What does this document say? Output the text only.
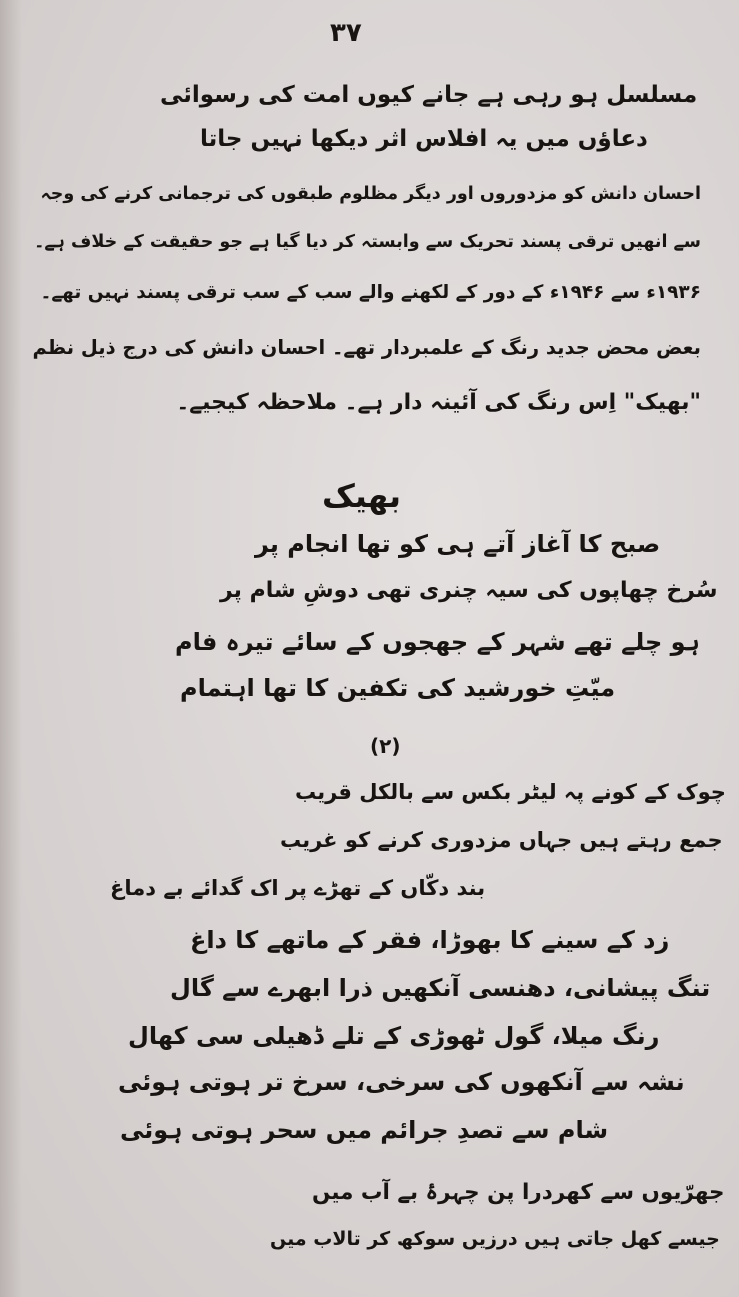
۳۷
مسلسل ہو رہی ہے جانے کیوں امت کی رسوائی
دعاؤں میں یہ افلاس اثر دیکھا نہیں جاتا
احسان دانش کو مزدوروں اور دیگر مظلوم طبقوں کی ترجمانی کرنے کی وجہ
سے انھیں ترقی پسند تحریک سے وابستہ کر دیا گیا ہے جو حقیقت کے خلاف ہے۔
۱۹۳۶ء سے ۱۹۴۶ء کے دور کے لکھنے والے سب کے سب ترقی پسند نہیں تھے۔
بعض محض جدید رنگ کے علمبردار تھے۔ احسان دانش کی درج ذیل نظم
"بھیک" اِس رنگ کی آئینہ دار ہے۔ ملاحظہ کیجیے۔
بھیک
صبح کا آغاز آتے ہی کو تھا انجام پر
سُرخ چھاپوں کی سیہ چنری تھی دوشِ شام پر
ہو چلے تھے شہر کے جھجوں کے سائے تیرہ فام
میّتِ خورشید کی تکفین کا تھا اہتمام
(۲)
چوک کے کونے پہ لیٹر بکس سے بالکل قریب
جمع رہتے ہیں جہاں مزدوری کرنے کو غریب
بند دکّاں کے تھڑے پر اک گدائے بے دماغ
زد کے سینے کا بھوڑا، فقر کے ماتھے کا داغ
تنگ پیشانی، دھنسی آنکھیں ذرا ابھرے سے گال
رنگ میلا، گول ٹھوڑی کے تلے ڈھیلی سی کھال
نشہ سے آنکھوں کی سرخی، سرخ تر ہوتی ہوئی
شام سے تصدِ جرائم میں سحر ہوتی ہوئی
جھرّیوں سے کھردرا پن چہرۂ بے آب میں
جیسے کھل جاتی ہیں درزیں سوکھ کر تالاب میں
